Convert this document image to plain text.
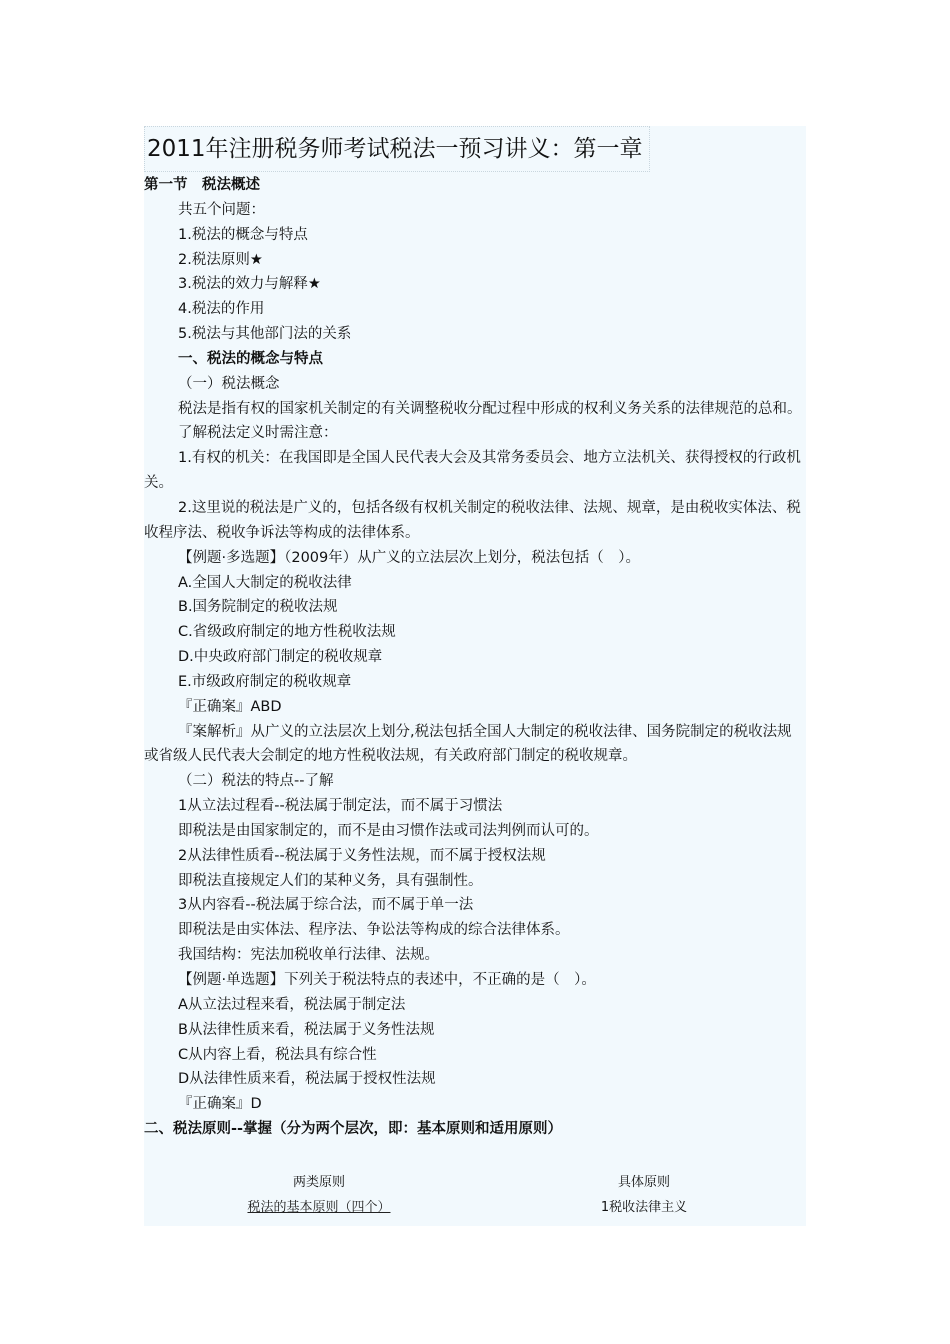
2011年注册税务师考试税法一预习讲义：第一章
第一节　税法概述
共五个问题：
1.税法的概念与特点
2.税法原则★
3.税法的效力与解释★
4.税法的作用
5.税法与其他部门法的关系
一、税法的概念与特点
（一）税法概念
税法是指有权的国家机关制定的有关调整税收分配过程中形成的权利义务关系的法律规范的总和。
了解税法定义时需注意：
1.有权的机关：在我国即是全国人民代表大会及其常务委员会、地方立法机关、获得授权的行政机关。
2.这里说的税法是广义的，包括各级有权机关制定的税收法律、法规、规章，是由税收实体法、税收程序法、税收争诉法等构成的法律体系。
【例题·多选题】（2009年）从广义的立法层次上划分，税法包括（　）。
A.全国人大制定的税收法律
B.国务院制定的税收法规
C.省级政府制定的地方性税收法规
D.中央政府部门制定的税收规章
E.市级政府制定的税收规章
『正确案』ABD
『案解析』从广义的立法层次上划分,税法包括全国人大制定的税收法律、国务院制定的税收法规或省级人民代表大会制定的地方性税收法规，有关政府部门制定的税收规章。
（二）税法的特点--了解
1从立法过程看--税法属于制定法，而不属于习惯法
即税法是由国家制定的，而不是由习惯作法或司法判例而认可的。
2从法律性质看--税法属于义务性法规，而不属于授权法规
即税法直接规定人们的某种义务，具有强制性。
3从内容看--税法属于综合法，而不属于单一法
即税法是由实体法、程序法、争讼法等构成的综合法律体系。
我国结构：宪法加税收单行法律、法规。
【例题·单选题】下列关于税法特点的表述中，不正确的是（　）。
A从立法过程来看，税法属于制定法
B从法律性质来看，税法属于义务性法规
C从内容上看，税法具有综合性
D从法律性质来看，税法属于授权性法规
『正确案』D
二、税法原则--掌握（分为两个层次，即：基本原则和适用原则）
两类原则	具体原则
税法的基本原则（四个）	1税收法律主义
